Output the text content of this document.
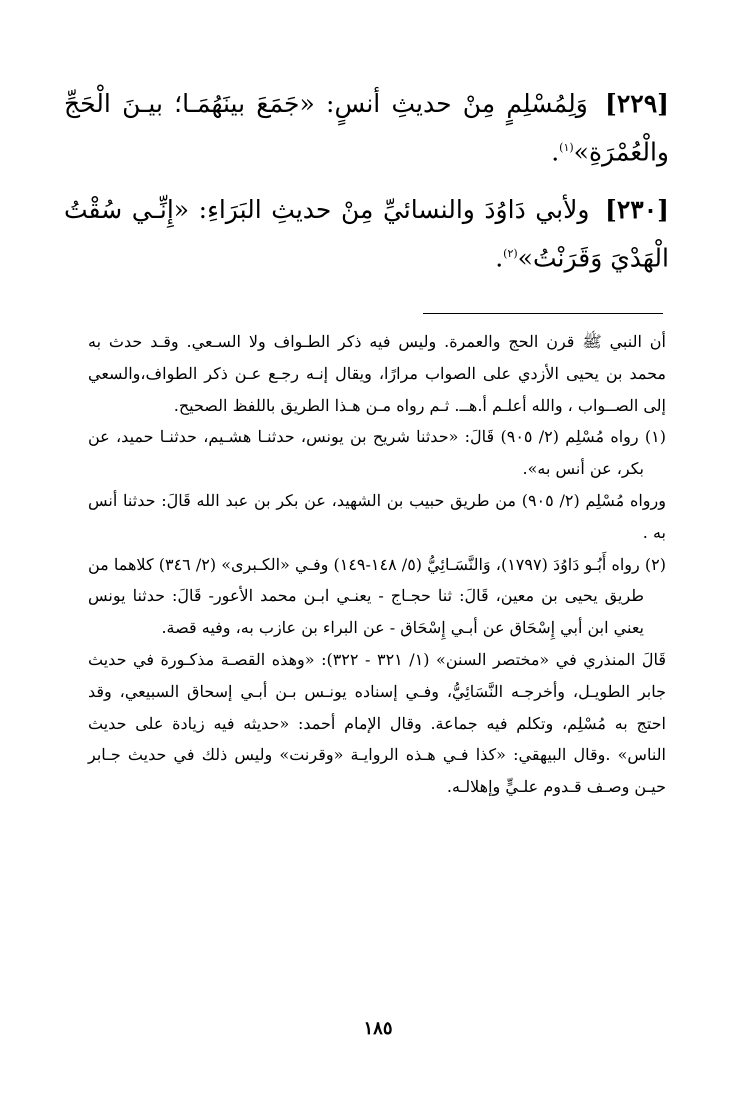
[٢٢٩] وَلِمُسْلِمٍ مِنْ حديثِ أنسٍ: «جَمَعَ بينَهُمَـا؛ بيـنَ الْحَجِّ والْعُمْرَةِ»$^{(١)}$.

[٢٣٠] ولأبي دَاوُدَ والنسائيِّ مِنْ حديثِ البَرَاءِ: «إِنِّـي سُقْتُ الْهَدْيَ وَقَرَنْتُ»$^{(٢)}$.

أن النبي ﷺ قرن الحج والعمرة. وليس فيه ذكر الطـواف ولا السـعي. وقـد حدث به محمد بن يحيى الأزدي على الصواب مرارًا، ويقال إنـه رجـع عـن ذكر الطواف،والسعي إلى الصــواب ، والله أعلـم أ.هــ. ثـم رواه مـن هـذا الطريق باللفظ الصحيح.

(١) رواه مُسْلِم (٢/ ٩٠٥) قَالَ: «حدثنا شريح بن يونس، حدثنـا هشـيم، حدثنـا حميد، عن بكر، عن أنس به».

ورواه مُسْلِم (٢/ ٩٠٥) من طريق حبيب بن الشهيد، عن بكر بن عبد الله قَالَ: حدثنا أنس به .

(٢) رواه أَبُـو دَاوُدَ (١٧٩٧)، وَالنَّسَـائِيُّ (٥/ ١٤٨-١٤٩) وفـي «الكـبرى» (٢/ ٣٤٦) كلاهما من طريق يحيى بن معين، قَالَ: ثنا حجـاج - يعنـي ابـن محمد الأعور- قَالَ: حدثنا يونس يعني ابن أبي إِسْحَاق عن أبـي إِسْحَاق - عن البراء بن عازب به، وفيه قصة.

قَالَ المنذري في «مختصر السنن» (١/ ٣٢١ - ٣٢٢): «وهذه القصـة مذكـورة في حديث جابر الطويـل، وأخرجـه النَّسَائِيُّ، وفـي إسناده يونـس بـن أبـي إسحاق السبيعي، وقد احتج به مُسْلِم، وتكلم فيه جماعة. وقال الإمام أحمد: «حديثه فيه زيادة على حديث الناس» .وقال البيهقي: «كذا فـي هـذه الروايـة «وقرنت» وليس ذلك في حديث جـابر حيـن وصـف قـدوم علـيٍّ وإهلالـه.

١٨٥
